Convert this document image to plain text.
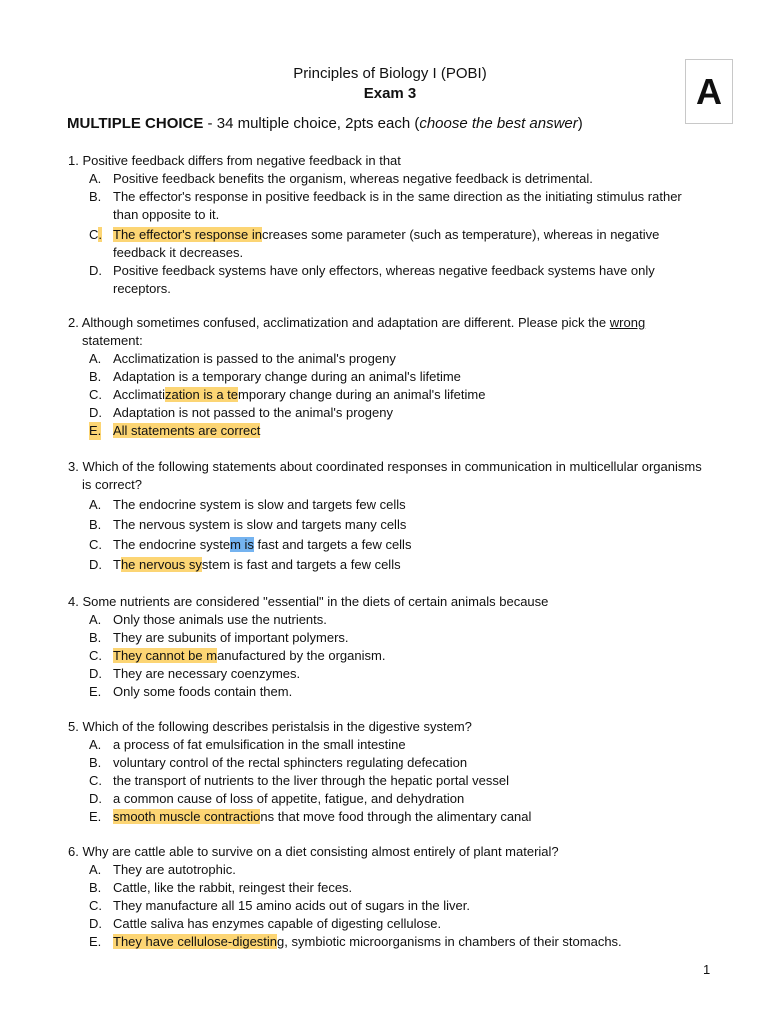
Principles of Biology I (POBI)
Exam 3	A
MULTIPLE CHOICE - 34 multiple choice, 2pts each (choose the best answer)
1. Positive feedback differs from negative feedback in that
A. Positive feedback benefits the organism, whereas negative feedback is detrimental.
B. The effector's response in positive feedback is in the same direction as the initiating stimulus rather than opposite to it.
C. The effector's response increases some parameter (such as temperature), whereas in negative feedback it decreases.
D. Positive feedback systems have only effectors, whereas negative feedback systems have only receptors.
2. Although sometimes confused, acclimatization and adaptation are different. Please pick the wrong statement:
A. Acclimatization is passed to the animal's progeny
B. Adaptation is a temporary change during an animal's lifetime
C. Acclimatization is a temporary change during an animal's lifetime
D. Adaptation is not passed to the animal's progeny
E. All statements are correct
3. Which of the following statements about coordinated responses in communication in multicellular organisms is correct?
A. The endocrine system is slow and targets few cells
B. The nervous system is slow and targets many cells
C. The endocrine system is fast and targets a few cells
D. The nervous system is fast and targets a few cells
4. Some nutrients are considered "essential" in the diets of certain animals because
A. Only those animals use the nutrients.
B. They are subunits of important polymers.
C. They cannot be manufactured by the organism.
D. They are necessary coenzymes.
E. Only some foods contain them.
5. Which of the following describes peristalsis in the digestive system?
A. a process of fat emulsification in the small intestine
B. voluntary control of the rectal sphincters regulating defecation
C. the transport of nutrients to the liver through the hepatic portal vessel
D. a common cause of loss of appetite, fatigue, and dehydration
E. smooth muscle contractions that move food through the alimentary canal
6. Why are cattle able to survive on a diet consisting almost entirely of plant material?
A. They are autotrophic.
B. Cattle, like the rabbit, reingest their feces.
C. They manufacture all 15 amino acids out of sugars in the liver.
D. Cattle saliva has enzymes capable of digesting cellulose.
E. They have cellulose-digesting, symbiotic microorganisms in chambers of their stomachs.
1
